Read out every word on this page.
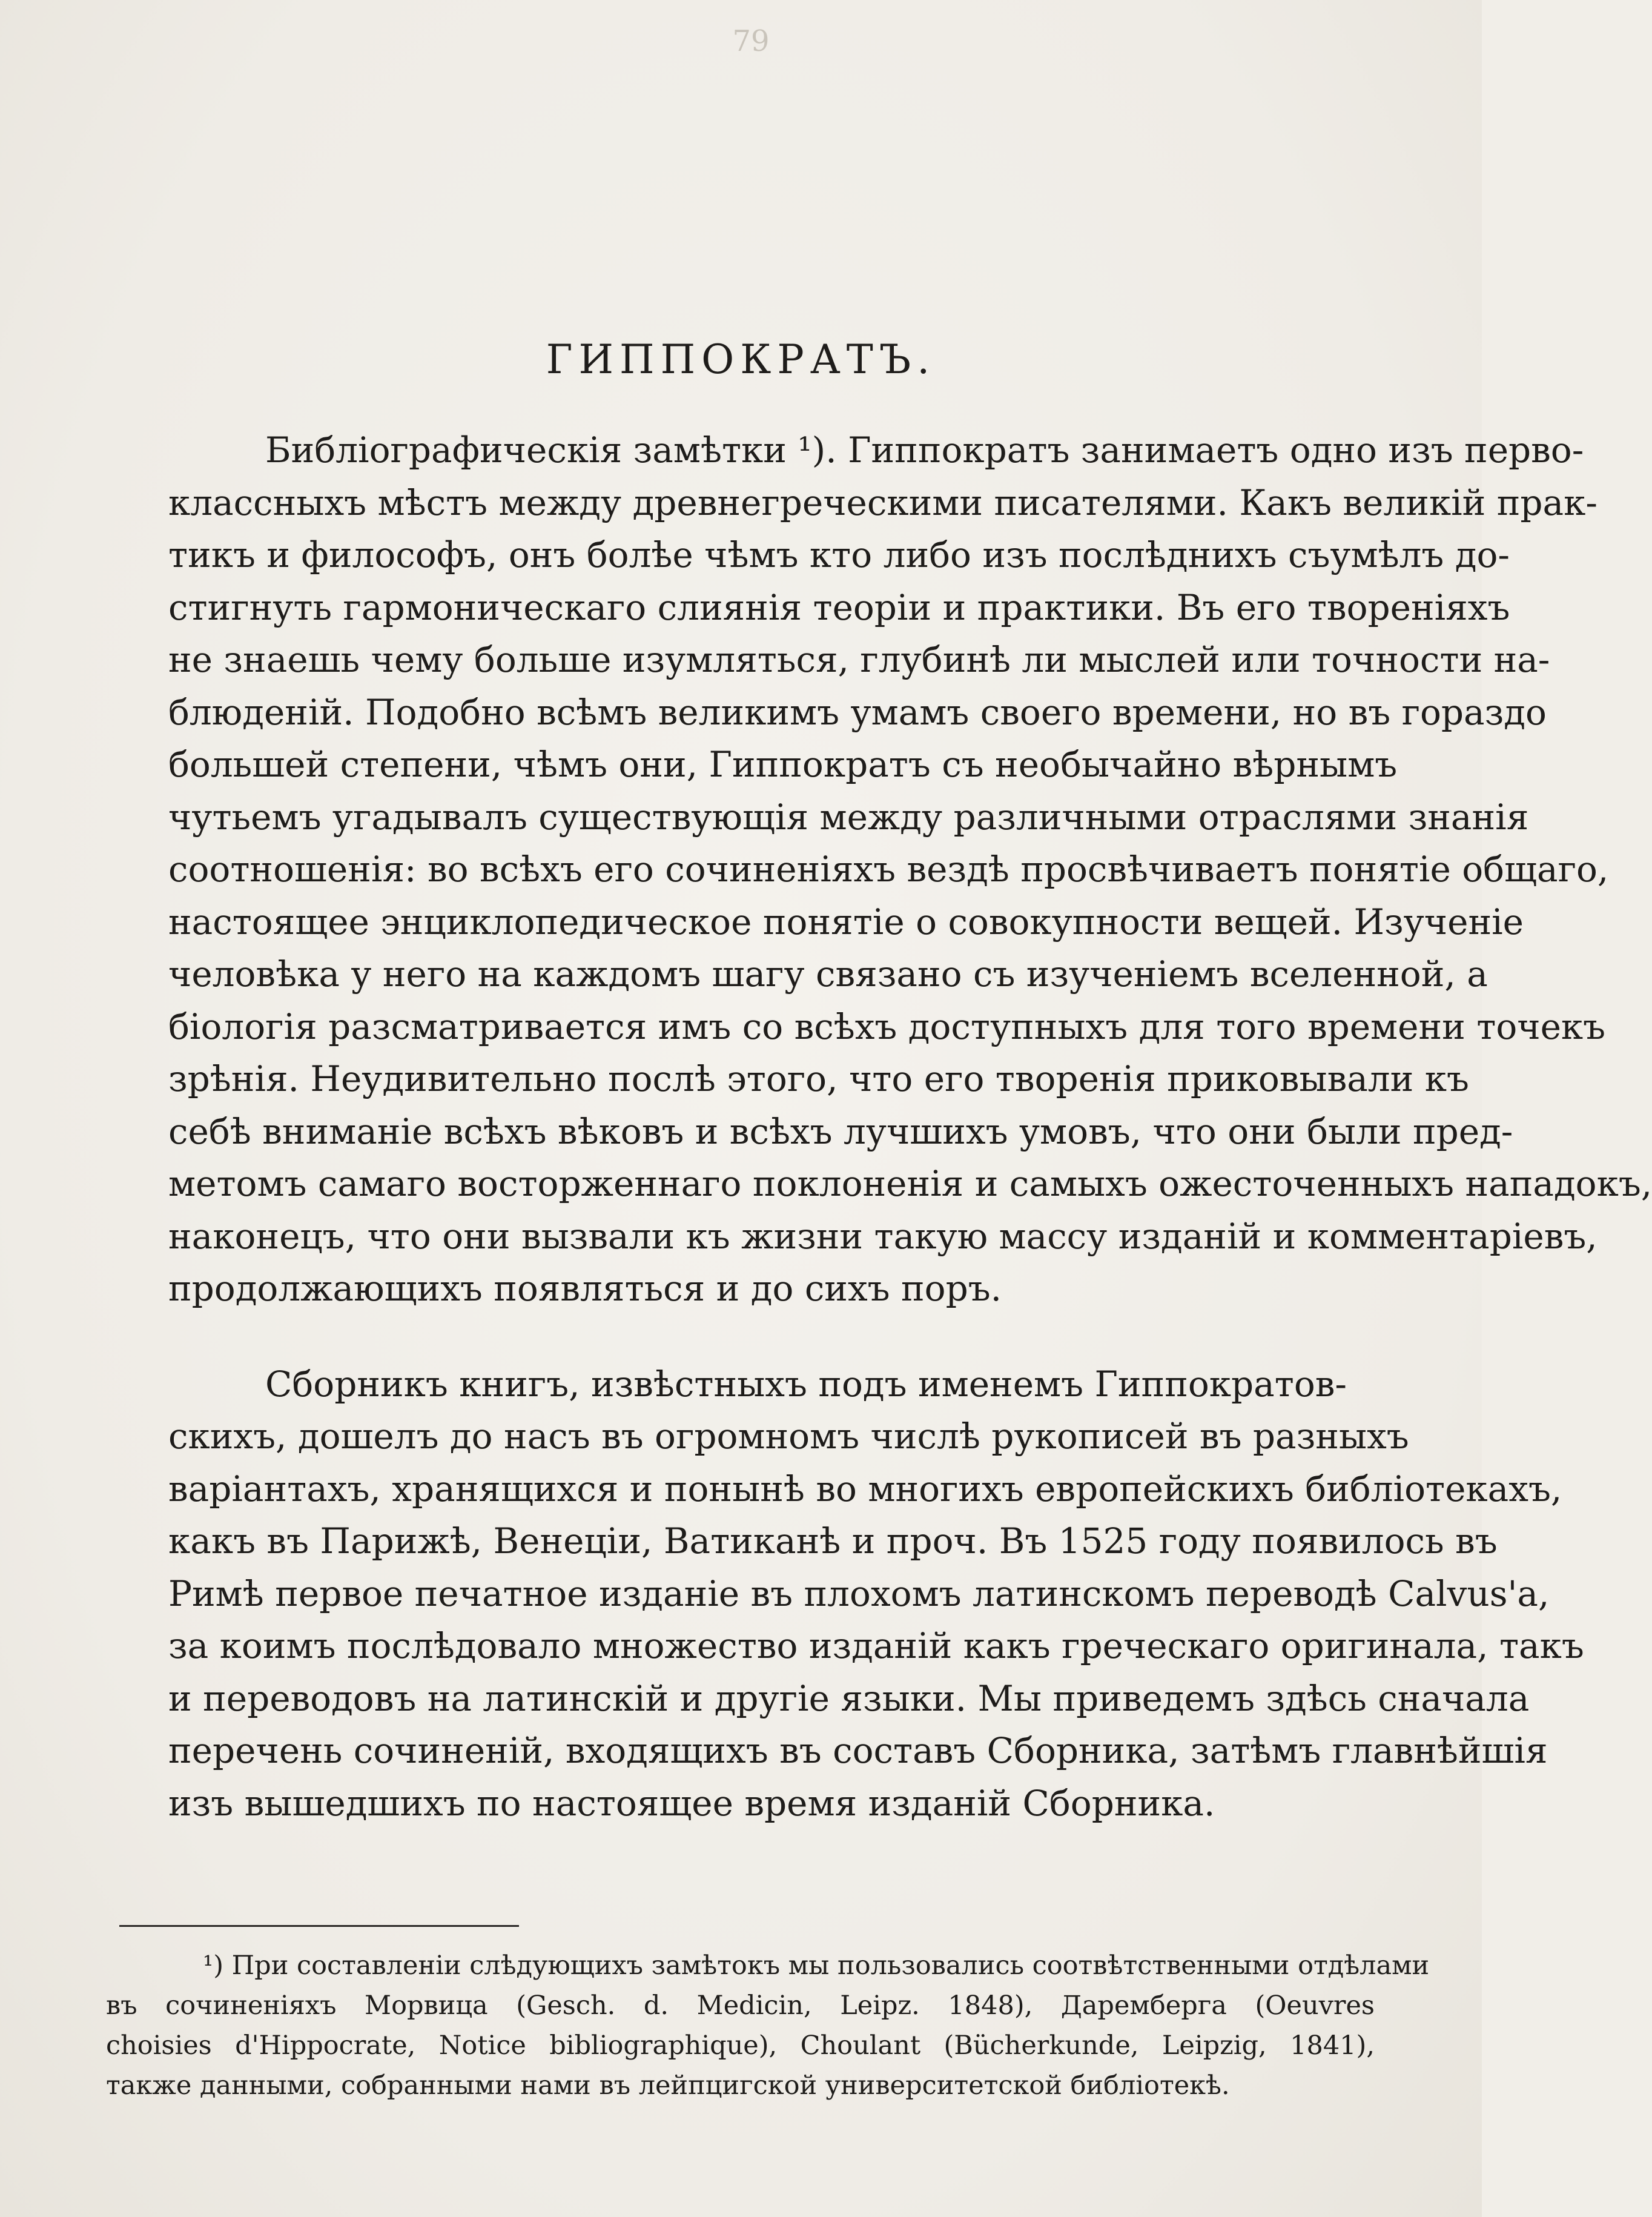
79
ГИППОКРАТЪ.

Библіографическія замѣтки ¹). Гиппократъ занимаетъ одно изъ перво-
классныхъ мѣстъ между древнегреческими писателями. Какъ великій прак-
тикъ и философъ, онъ болѣе чѣмъ кто либо изъ послѣднихъ съумѣлъ до-
стигнуть гармоническаго слиянія теоріи и практики. Въ его твореніяхъ
не знаешь чему больше изумляться, глубинѣ ли мыслей или точности на-
блюденій. Подобно всѣмъ великимъ умамъ своего времени, но въ гораздо
большей степени, чѣмъ они, Гиппократъ съ необычайно вѣрнымъ
чутьемъ угадывалъ существующія между различными отраслями знанія
соотношенія: во всѣхъ его сочиненіяхъ вездѣ просвѣчиваетъ понятіе общаго,
настоящее энциклопедическое понятіе о совокупности вещей. Изученіе
человѣка у него на каждомъ шагу связано съ изученіемъ вселенной, а
біологія разсматривается имъ со всѣхъ доступныхъ для того времени точекъ
зрѣнія. Неудивительно послѣ этого, что его творенія приковывали къ
себѣ вниманіе всѣхъ вѣковъ и всѣхъ лучшихъ умовъ, что они были пред-
метомъ самаго восторженнаго поклоненія и самыхъ ожесточенныхъ нападокъ,
наконецъ, что они вызвали къ жизни такую массу изданій и комментаріевъ,
продолжающихъ появляться и до сихъ поръ.

Сборникъ книгъ, извѣстныхъ подъ именемъ Гиппократов-
скихъ, дошелъ до насъ въ огромномъ числѣ рукописей въ разныхъ
варіантахъ, хранящихся и понынѣ во многихъ европейскихъ библіотекахъ,
какъ въ Парижѣ, Венеціи, Ватиканѣ и проч. Въ 1525 году появилось въ
Римѣ первое печатное изданіе въ плохомъ латинскомъ переводѣ Calvus'а,
за коимъ послѣдовало множество изданій какъ греческаго оригинала, такъ
и переводовъ на латинскій и другіе языки. Мы приведемъ здѣсь сначала
перечень сочиненій, входящихъ въ составъ Сборника, затѣмъ главнѣйшія
изъ вышедшихъ по настоящее время изданій Сборника.

¹) При составленіи слѣдующихъ замѣтокъ мы пользовались соотвѣтственными отдѣлами
въ сочиненіяхъ Морвица (Gesch. d. Medicin, Leipz. 1848), Даремберга (Oeuvres
choisies d'Hippocrate, Notice bibliographique), Choulant (Bücherkunde, Leipzig, 1841),
также данными, собранными нами въ лейпцигской университетской библіотекѣ.
